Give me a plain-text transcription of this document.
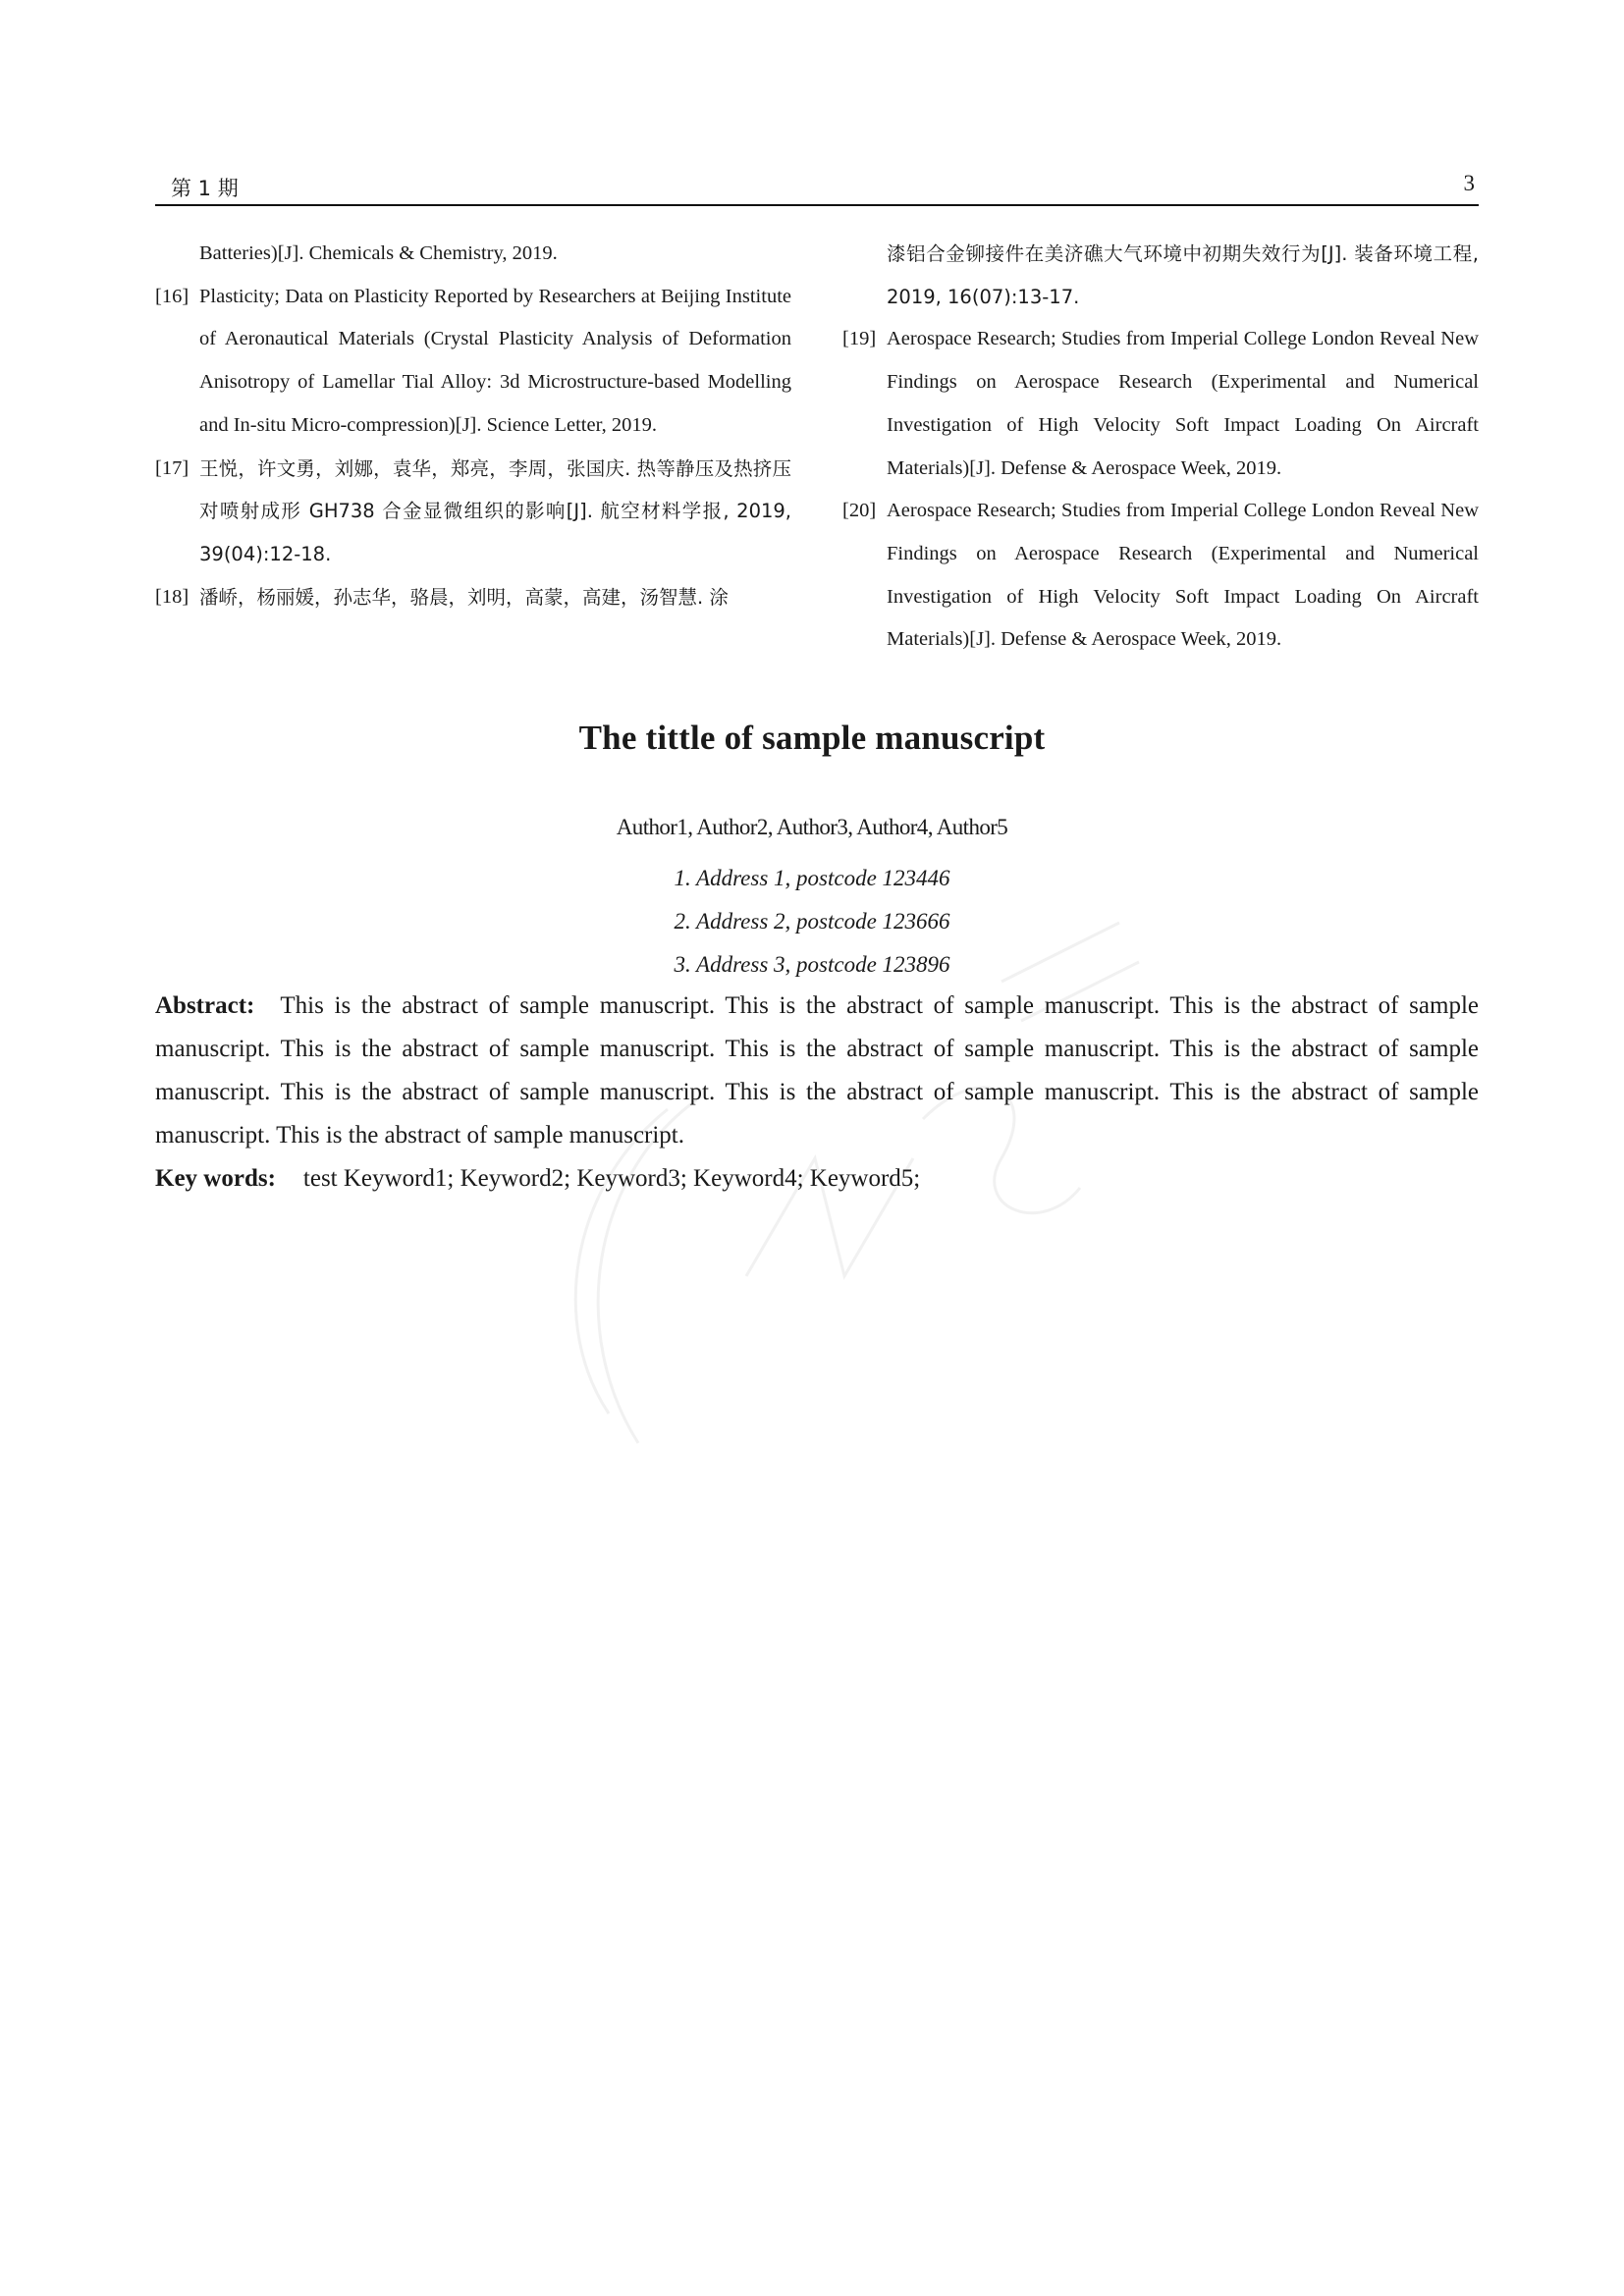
第 1 期	3
Batteries)[J]. Chemicals & Chemistry, 2019.
[16] Plasticity; Data on Plasticity Reported by Researchers at Beijing Institute of Aeronautical Materials (Crystal Plasticity Analysis of Deformation Anisotropy of Lamellar Tial Alloy: 3d Microstructure-based Modelling and In-situ Micro-compression)[J]. Science Letter, 2019.
[17] 王悦，许文勇，刘娜，袁华，郑亮，李周，张国庆. 热等静压及热挤压对喷射成形 GH738 合金显微组织的影响[J]. 航空材料学报, 2019, 39(04):12-18.
[18] 潘峤，杨丽媛，孙志华，骆晨，刘明，高蒙，高建，汤智慧. 涂
漆铝合金铆接件在美济礁大气环境中初期失效行为[J]. 装备环境工程, 2019, 16(07):13-17.
[19] Aerospace Research; Studies from Imperial College London Reveal New Findings on Aerospace Research (Experimental and Numerical Investigation of High Velocity Soft Impact Loading On Aircraft Materials)[J]. Defense & Aerospace Week, 2019.
[20] Aerospace Research; Studies from Imperial College London Reveal New Findings on Aerospace Research (Experimental and Numerical Investigation of High Velocity Soft Impact Loading On Aircraft Materials)[J]. Defense & Aerospace Week, 2019.
The tittle of sample manuscript
Author1, Author2, Author3, Author4, Author5
1. Address 1, postcode 123446
2. Address 2, postcode 123666
3. Address 3, postcode 123896
Abstract: This is the abstract of sample manuscript. This is the abstract of sample manuscript. This is the abstract of sample manuscript. This is the abstract of sample manuscript. This is the abstract of sample manuscript. This is the abstract of sample manuscript. This is the abstract of sample manuscript. This is the abstract of sample manuscript. This is the abstract of sample manuscript. This is the abstract of sample manuscript.
Key words: test Keyword1; Keyword2; Keyword3; Keyword4; Keyword5;
